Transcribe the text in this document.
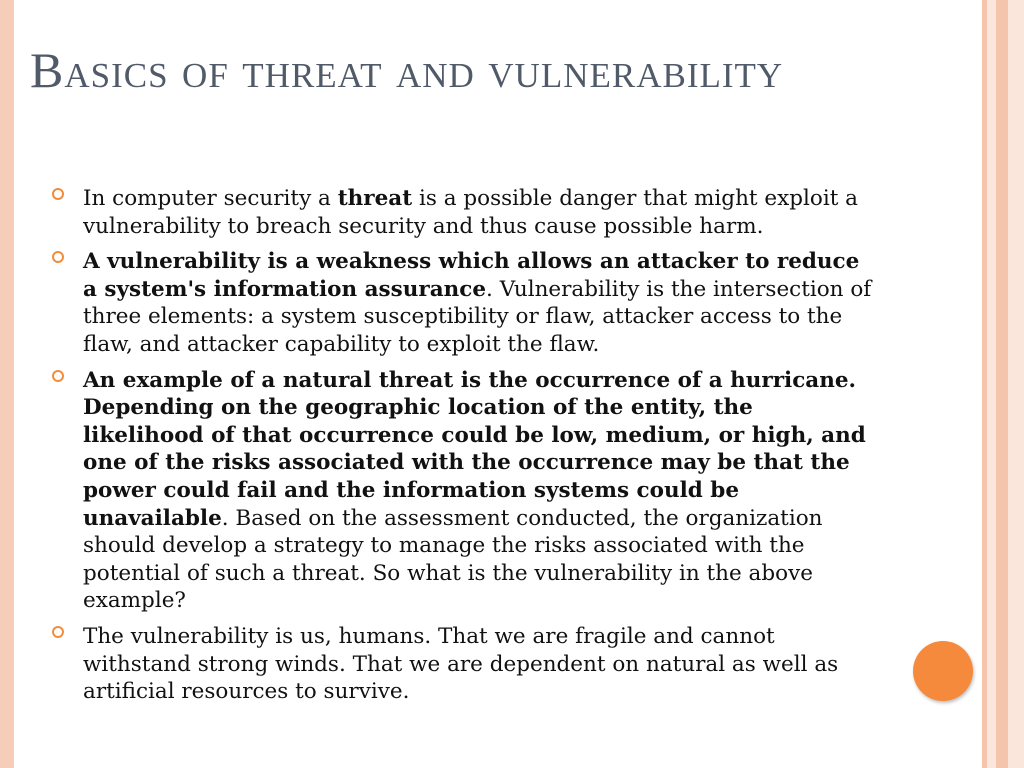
Basics of threat and vulnerability
In computer security a threat is a possible danger that might exploit a
vulnerability to breach security and thus cause possible harm.
A vulnerability is a weakness which allows an attacker to reduce
a system's information assurance. Vulnerability is the intersection of
three elements: a system susceptibility or flaw, attacker access to the
flaw, and attacker capability to exploit the flaw.
An example of a natural threat is the occurrence of a hurricane.
Depending on the geographic location of the entity, the
likelihood of that occurrence could be low, medium, or high, and
one of the risks associated with the occurrence may be that the
power could fail and the information systems could be
unavailable. Based on the assessment conducted, the organization
should develop a strategy to manage the risks associated with the
potential of such a threat. So what is the vulnerability in the above
example?
The vulnerability is us, humans. That we are fragile and cannot
withstand strong winds. That we are dependent on natural as well as
artificial resources to survive.
